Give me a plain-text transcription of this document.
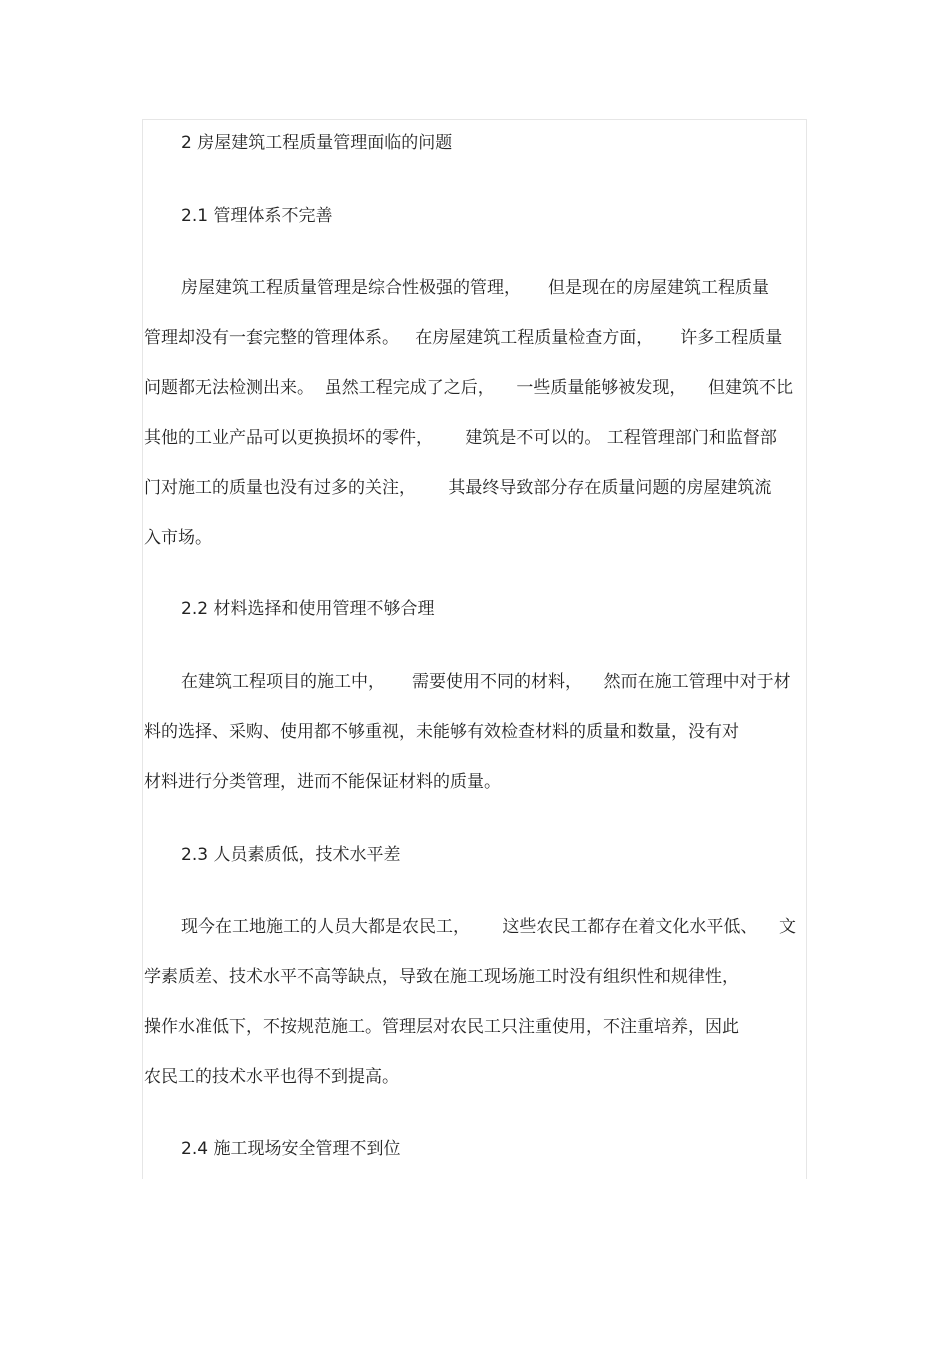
2 房屋建筑工程质量管理面临的问题
2.1 管理体系不完善
房屋建筑工程质量管理是综合性极强的管理，     但是现在的房屋建筑工程质量
管理却没有一套完整的管理体系。   在房屋建筑工程质量检查方面，     许多工程质量
问题都无法检测出来。  虽然工程完成了之后，    一些质量能够被发现，    但建筑不比
其他的工业产品可以更换损坏的零件，      建筑是不可以的。 工程管理部门和监督部
门对施工的质量也没有过多的关注，      其最终导致部分存在质量问题的房屋建筑流
入市场。
2.2 材料选择和使用管理不够合理
在建筑工程项目的施工中，     需要使用不同的材料，    然而在施工管理中对于材
料的选择、采购、使用都不够重视，未能够有效检查材料的质量和数量，没有对
材料进行分类管理，进而不能保证材料的质量。
2.3 人员素质低，技术水平差
现今在工地施工的人员大都是农民工，      这些农民工都存在着文化水平低、    文
学素质差、技术水平不高等缺点，导致在施工现场施工时没有组织性和规律性，
操作水准低下，不按规范施工。管理层对农民工只注重使用，不注重培养，因此
农民工的技术水平也得不到提高。
2.4 施工现场安全管理不到位
